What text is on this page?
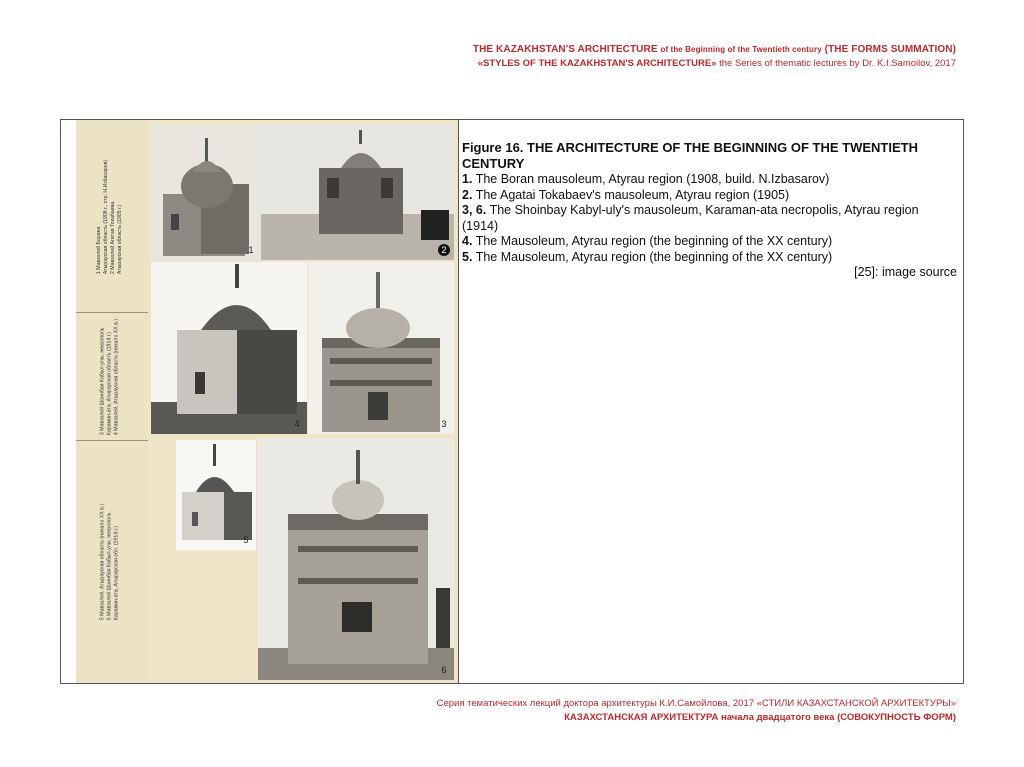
THE KAZAKHSTAN'S ARCHITECTURE of the Beginning of the Twentieth century (THE FORMS SUMMATION)
«STYLES OF THE KAZAKHSTAN'S ARCHITECTURE» the Series of thematic lectures by Dr. K.I.Samoilov, 2017
1 Мавзолей Борана
Атырауская область (1908 г., стр. Н.Избасаров)
2 Мавзолей Агатая Токабаева.
Атырауская область (1905 г.)
3 Мавзолей Шоинбая Кабыл-улы, некрополь
Караман-ата, Атырауская область (1914 г.)
4 Мавзолей, Атырауская область (начало XX в.)
5 Мавзолей, Атырауская область (начало XX в.)
6 Мавзолей Шоинбая Кабыл-улы, некрополь
Караман-ата, Атырауская обл. (1914 г.)
1	2
4	3
5
6
Figure 16. THE ARCHITECTURE OF THE BEGINNING OF THE TWENTIETH CENTURY
1. The Boran mausoleum, Atyrau region (1908, build. N.Izbasarov)
2. The Agatai Tokabaev's mausoleum, Atyrau region (1905)
3, 6. The Shoinbay Kabyl-uly's mausoleum, Karaman-ata necropolis, Atyrau region (1914)
4. The Mausoleum, Atyrau region (the beginning of the XX century)
5. The Mausoleum, Atyrau region (the beginning of the XX century)
[25]: image source
Серия тематических лекций доктора архитектуры К.И.Самойлова, 2017 «СТИЛИ КАЗАХСТАНСКОЙ АРХИТЕКТУРЫ»
КАЗАХСТАНСКАЯ АРХИТЕКТУРА начала двадцатого века (СОВОКУПНОСТЬ ФОРМ)
